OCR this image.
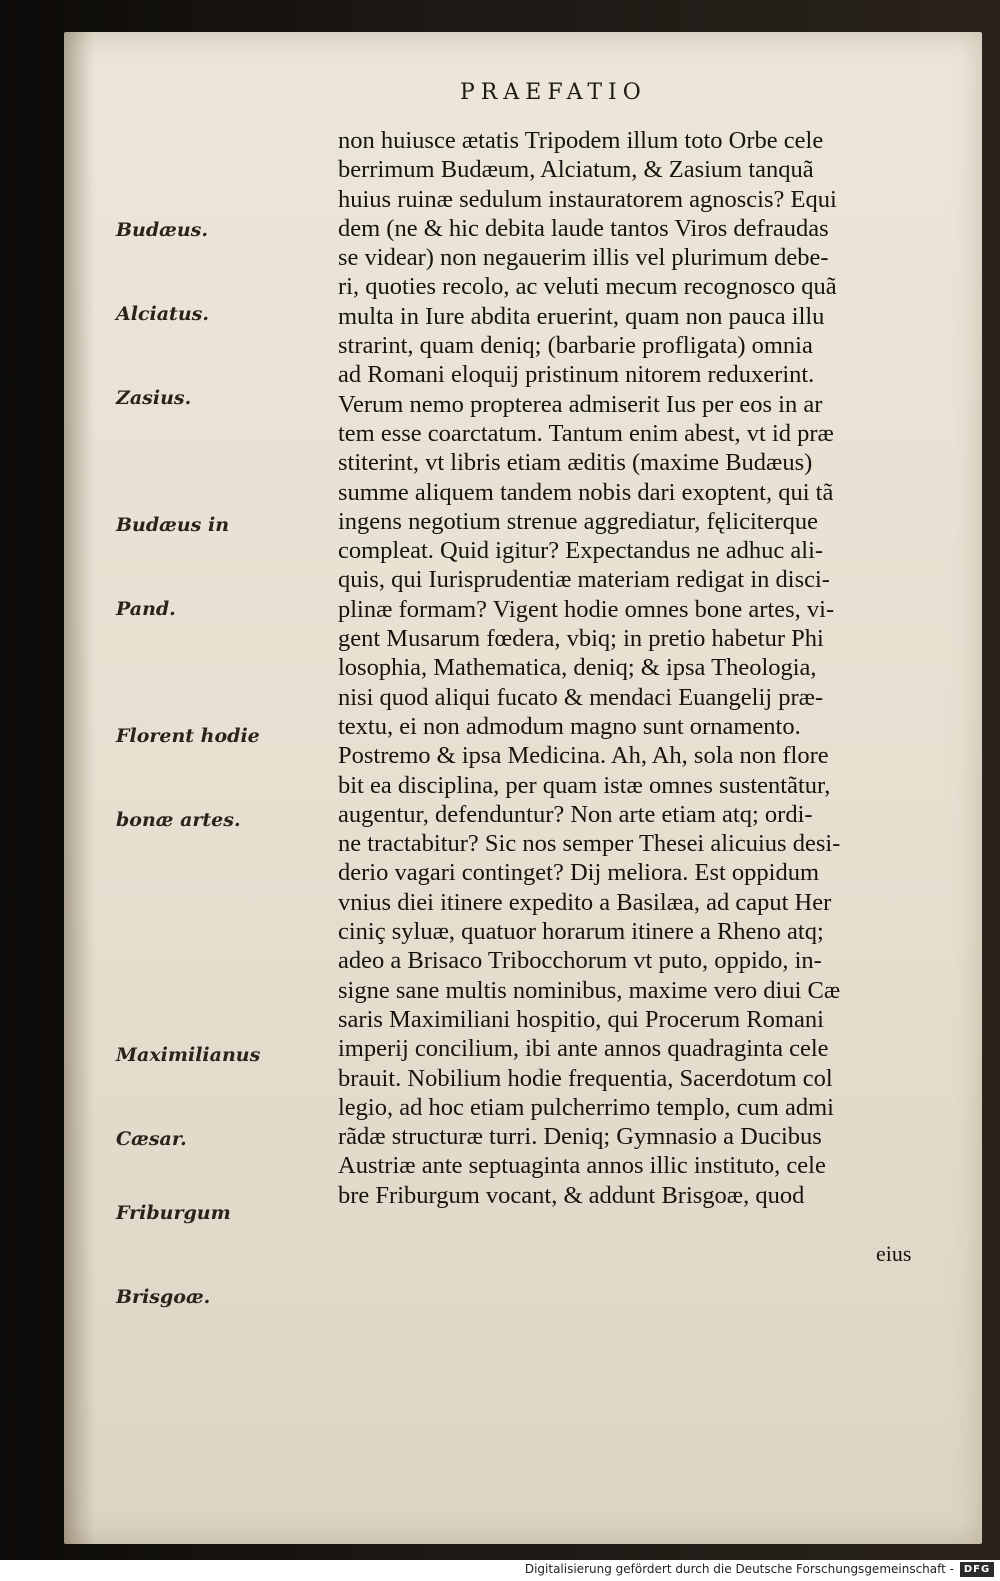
PRAEFATIO

Budæus.

Alciatus.

Zasius.

Budæus in

Pand.

Florent hodie

bonæ artes.

Maximilianus

Cæsar.

Friburgum

Brisgoæ.

non huiusce ætatis Tripodem illum toto Orbe cele
berrimum Budæum, Alciatum, & Zasium tanquã
huius ruinæ sedulum instauratorem agnoscis? Equi
dem (ne & hic debita laude tantos Viros defraudas
se videar) non negauerim illis vel plurimum debe-
ri, quoties recolo, ac veluti mecum recognosco quã
multa in Iure abdita eruerint, quam non pauca illu
strarint, quam deniq; (barbarie profligata) omnia
ad Romani eloquij pristinum nitorem reduxerint.
Verum nemo propterea admiserit Ius per eos in ar
tem esse coarctatum. Tantum enim abest, vt id præ
stiterint, vt libris etiam æditis (maxime Budæus)
summe aliquem tandem nobis dari exoptent, qui tã
ingens negotium strenue aggrediatur, fęliciterque
compleat. Quid igitur? Expectandus ne adhuc ali-
quis, qui Iurisprudentiæ materiam redigat in disci-
plinæ formam? Vigent hodie omnes bone artes, vi-
gent Musarum fœdera, vbiq; in pretio habetur Phi
losophia, Mathematica, deniq; & ipsa Theologia,
nisi quod aliqui fucato & mendaci Euangelij præ-
textu, ei non admodum magno sunt ornamento.
Postremo & ipsa Medicina. Ah, Ah, sola non flore
bit ea disciplina, per quam istæ omnes sustentãtur,
augentur, defenduntur? Non arte etiam atq; ordi-
ne tractabitur? Sic nos semper Thesei alicuius desi-
derio vagari continget? Dij meliora. Est oppidum
vnius diei itinere expedito a Basilæa, ad caput Her
ciniç syluæ, quatuor horarum itinere a Rheno atq;
adeo a Brisaco Tribocchorum vt puto, oppido, in-
signe sane multis nominibus, maxime vero diui Cæ
saris Maximiliani hospitio, qui Procerum Romani
imperij concilium, ibi ante annos quadraginta cele
brauit. Nobilium hodie frequentia, Sacerdotum col
legio, ad hoc etiam pulcherrimo templo, cum admi
rãdæ structuræ turri. Deniq; Gymnasio a Ducibus
Austriæ ante septuaginta annos illic instituto, cele
bre Friburgum vocant, & addunt Brisgoæ, quod
eius
Digitalisierung gefördert durch die Deutsche Forschungsgemeinschaft - DFG
